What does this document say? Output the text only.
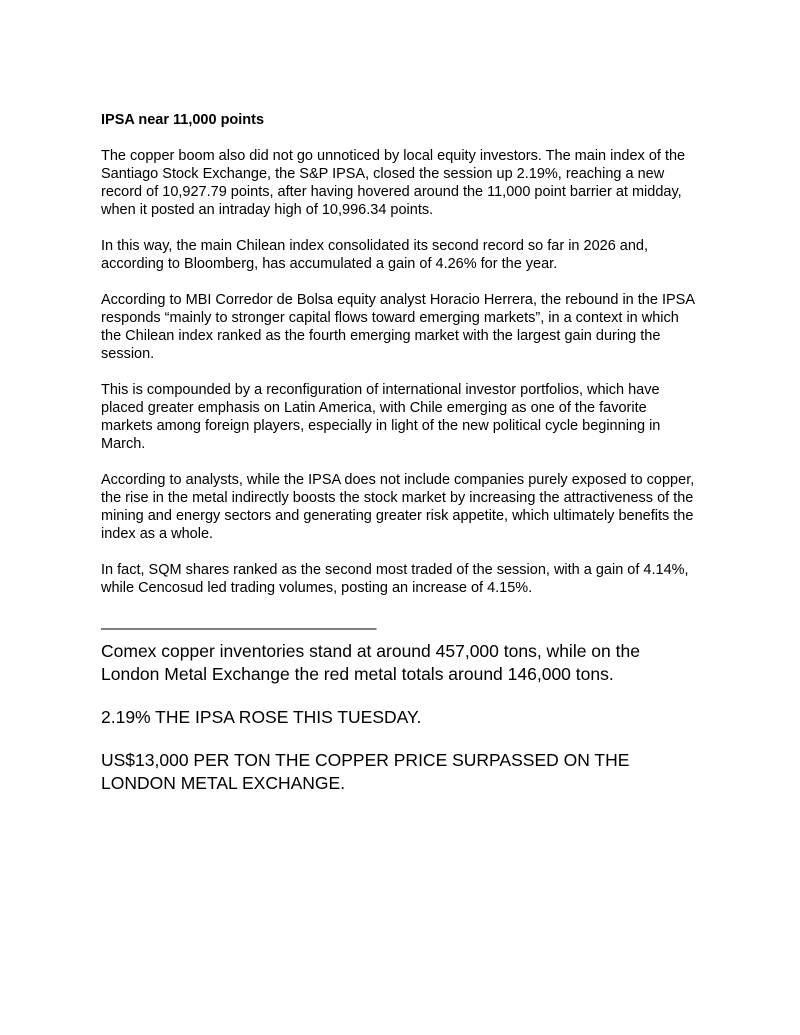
IPSA near 11,000 points

The copper boom also did not go unnoticed by local equity investors. The main index of the Santiago Stock Exchange, the S&P IPSA, closed the session up 2.19%, reaching a new record of 10,927.79 points, after having hovered around the 11,000 point barrier at midday, when it posted an intraday high of 10,996.34 points.

In this way, the main Chilean index consolidated its second record so far in 2026 and, according to Bloomberg, has accumulated a gain of 4.26% for the year.

According to MBI Corredor de Bolsa equity analyst Horacio Herrera, the rebound in the IPSA responds “mainly to stronger capital flows toward emerging markets”, in a context in which the Chilean index ranked as the fourth emerging market with the largest gain during the session.

This is compounded by a reconfiguration of international investor portfolios, which have placed greater emphasis on Latin America, with Chile emerging as one of the favorite markets among foreign players, especially in light of the new political cycle beginning in March.

According to analysts, while the IPSA does not include companies purely exposed to copper, the rise in the metal indirectly boosts the stock market by increasing the attractiveness of the mining and energy sectors and generating greater risk appetite, which ultimately benefits the index as a whole.

In fact, SQM shares ranked as the second most traded of the session, with a gain of 4.14%, while Cencosud led trading volumes, posting an increase of 4.15%.

———————————————————

Comex copper inventories stand at around 457,000 tons, while on the London Metal Exchange the red metal totals around 146,000 tons.

2.19% THE IPSA ROSE THIS TUESDAY.

US$13,000 PER TON THE COPPER PRICE SURPASSED ON THE LONDON METAL EXCHANGE.
